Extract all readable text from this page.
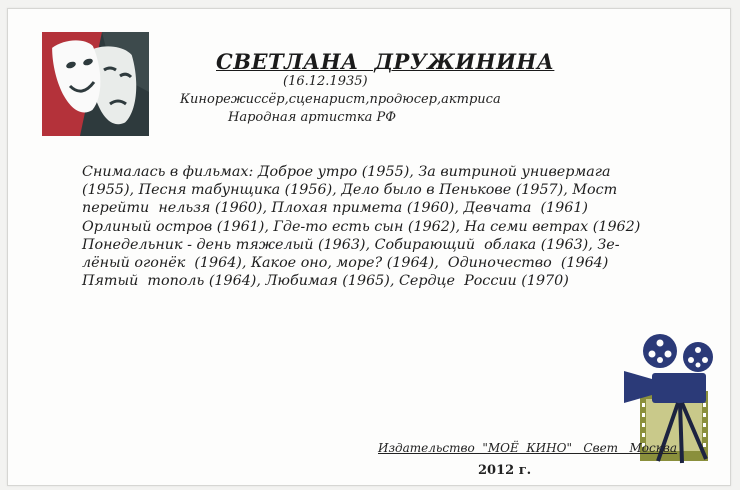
СВЕТЛАНА  ДРУЖИНИНА
(16.12.1935)
Кинорежиссёр,сценарист,продюсер,актриса
Народная артистка РФ
Снималась в фильмах: Доброе утро (1955), За витриной универмага
(1955), Песня табунщика (1956), Дело было в Пенькове (1957), Мост
перейти  нельзя (1960), Плохая примета (1960), Девчата  (1961)
Орлиный остров (1961), Где-то есть сын (1962), На семи ветрах (1962)
Понедельник - день тяжелый (1963), Собирающий  облака (1963), Зе-
лёный огонёк  (1964), Какое оно, море? (1964),  Одиночество  (1964)
Пятый  тополь (1964), Любимая (1965), Сердце  России (1970)
Издательство  "МОЁ  КИНО"   Свет   Москва
2012 г.
